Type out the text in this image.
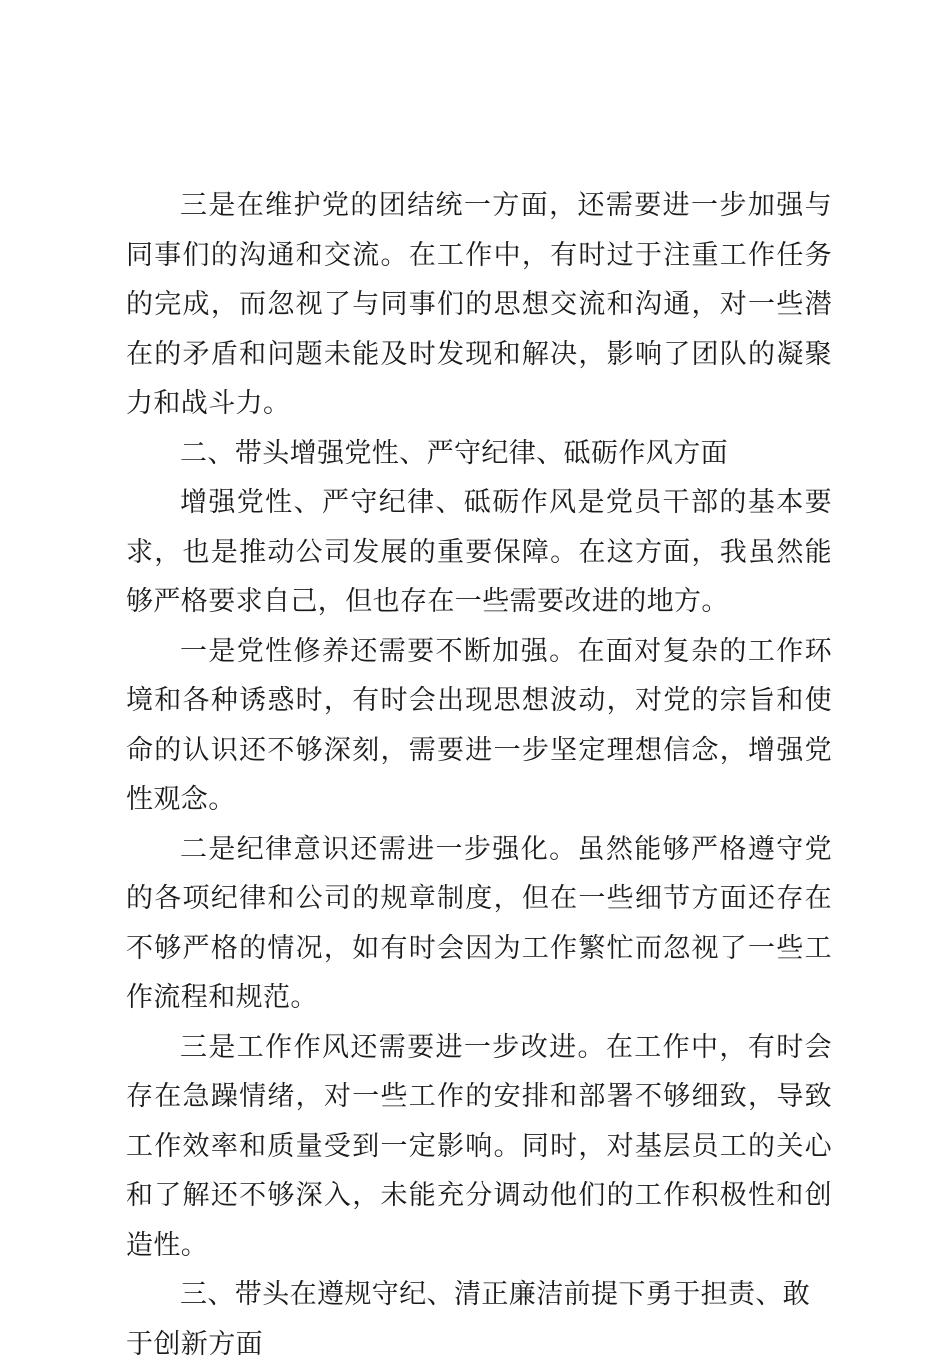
三是在维护党的团结统一方面，还需要进一步加强与同事们的沟通和交流。在工作中，有时过于注重工作任务的完成，而忽视了与同事们的思想交流和沟通，对一些潜在的矛盾和问题未能及时发现和解决，影响了团队的凝聚力和战斗力。

二、带头增强党性、严守纪律、砥砺作风方面

增强党性、严守纪律、砥砺作风是党员干部的基本要求，也是推动公司发展的重要保障。在这方面，我虽然能够严格要求自己，但也存在一些需要改进的地方。

一是党性修养还需要不断加强。在面对复杂的工作环境和各种诱惑时，有时会出现思想波动，对党的宗旨和使命的认识还不够深刻，需要进一步坚定理想信念，增强党性观念。

二是纪律意识还需进一步强化。虽然能够严格遵守党的各项纪律和公司的规章制度，但在一些细节方面还存在不够严格的情况，如有时会因为工作繁忙而忽视了一些工作流程和规范。

三是工作作风还需要进一步改进。在工作中，有时会存在急躁情绪，对一些工作的安排和部署不够细致，导致工作效率和质量受到一定影响。同时，对基层员工的关心和了解还不够深入，未能充分调动他们的工作积极性和创造性。

三、带头在遵规守纪、清正廉洁前提下勇于担责、敢于创新方面
